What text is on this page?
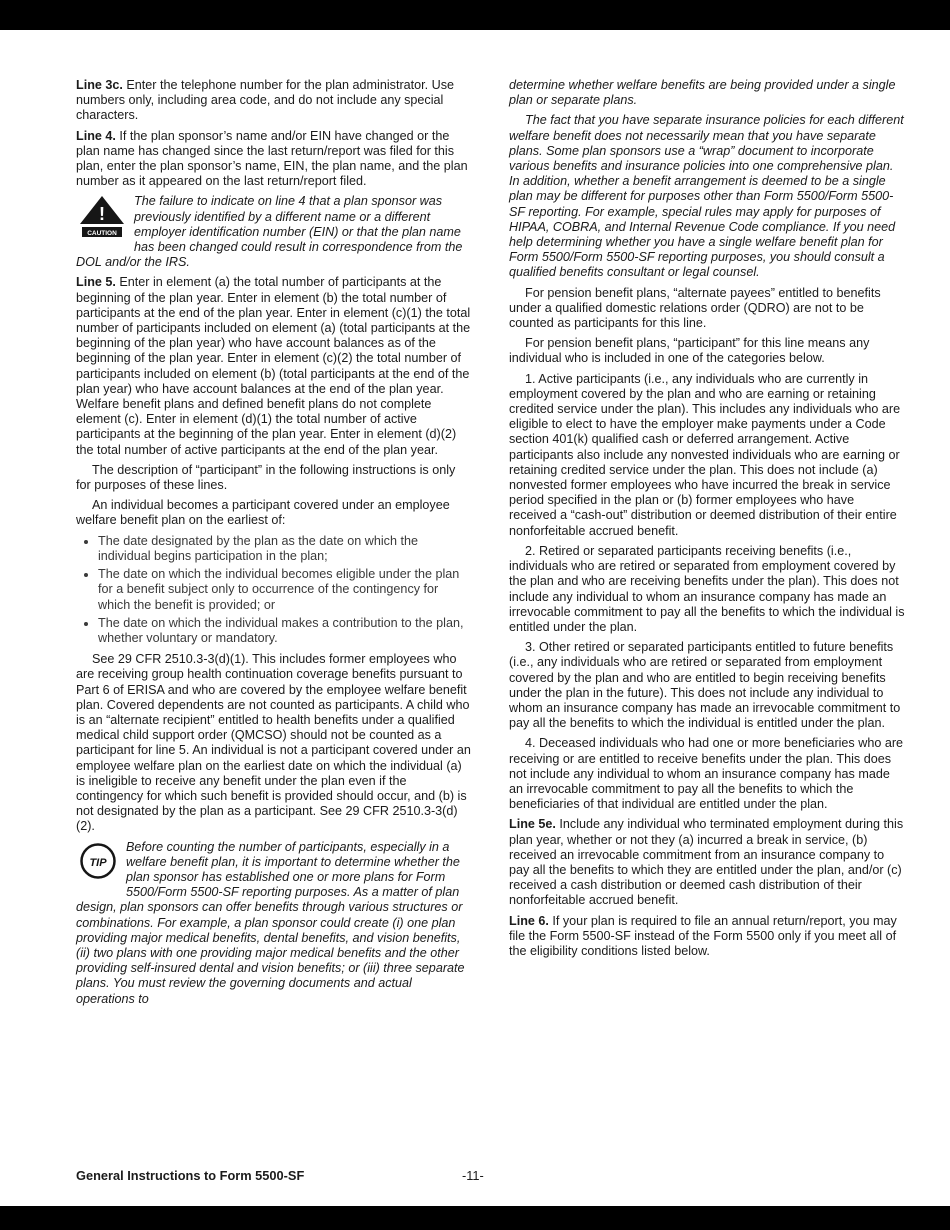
Line 3c. Enter the telephone number for the plan administrator. Use numbers only, including area code, and do not include any special characters.

Line 4. If the plan sponsor’s name and/or EIN have changed or the plan name has changed since the last return/report was filed for this plan, enter the plan sponsor’s name, EIN, the plan name, and the plan number as it appeared on the last return/report filed.

!
CAUTION
The failure to indicate on line 4 that a plan sponsor was previously identified by a different name or a different employer identification number (EIN) or that the plan name has been changed could result in correspondence from the DOL and/or the IRS.

Line 5. Enter in element (a) the total number of participants at the beginning of the plan year. Enter in element (b) the total number of participants at the end of the plan year. Enter in element (c)(1) the total number of participants included on element (a) (total participants at the beginning of the plan year) who have account balances as of the beginning of the plan year. Enter in element (c)(2) the total number of participants included on element (b) (total participants at the end of the plan year) who have account balances at the end of the plan year. Welfare benefit plans and defined benefit plans do not complete element (c). Enter in element (d)(1) the total number of active participants at the beginning of the plan year. Enter in element (d)(2) the total number of active participants at the end of the plan year.

The description of “participant” in the following instructions is only for purposes of these lines.

An individual becomes a participant covered under an employee welfare benefit plan on the earliest of:

• The date designated by the plan as the date on which the individual begins participation in the plan;
• The date on which the individual becomes eligible under the plan for a benefit subject only to occurrence of the contingency for which the benefit is provided; or
• The date on which the individual makes a contribution to the plan, whether voluntary or mandatory.

See 29 CFR 2510.3-3(d)(1). This includes former employees who are receiving group health continuation coverage benefits pursuant to Part 6 of ERISA and who are covered by the employee welfare benefit plan. Covered dependents are not counted as participants. A child who is an “alternate recipient” entitled to health benefits under a qualified medical child support order (QMCSO) should not be counted as a participant for line 5. An individual is not a participant covered under an employee welfare plan on the earliest date on which the individual (a) is ineligible to receive any benefit under the plan even if the contingency for which such benefit is provided should occur, and (b) is not designated by the plan as a participant. See 29 CFR 2510.3-3(d)(2).

TIP
Before counting the number of participants, especially in a welfare benefit plan, it is important to determine whether the plan sponsor has established one or more plans for Form 5500/Form 5500-SF reporting purposes. As a matter of plan design, plan sponsors can offer benefits through various structures or combinations. For example, a plan sponsor could create (i) one plan providing major medical benefits, dental benefits, and vision benefits, (ii) two plans with one providing major medical benefits and the other providing self-insured dental and vision benefits; or (iii) three separate plans. You must review the governing documents and actual operations to

determine whether welfare benefits are being provided under a single plan or separate plans.

The fact that you have separate insurance policies for each different welfare benefit does not necessarily mean that you have separate plans. Some plan sponsors use a “wrap” document to incorporate various benefits and insurance policies into one comprehensive plan. In addition, whether a benefit arrangement is deemed to be a single plan may be different for purposes other than Form 5500/Form 5500-SF reporting. For example, special rules may apply for purposes of HIPAA, COBRA, and Internal Revenue Code compliance. If you need help determining whether you have a single welfare benefit plan for Form 5500/Form 5500-SF reporting purposes, you should consult a qualified benefits consultant or legal counsel.

For pension benefit plans, “alternate payees” entitled to benefits under a qualified domestic relations order (QDRO) are not to be counted as participants for this line.

For pension benefit plans, “participant” for this line means any individual who is included in one of the categories below.

1. Active participants (i.e., any individuals who are currently in employment covered by the plan and who are earning or retaining credited service under the plan). This includes any individuals who are eligible to elect to have the employer make payments under a Code section 401(k) qualified cash or deferred arrangement. Active participants also include any nonvested individuals who are earning or retaining credited service under the plan. This does not include (a) nonvested former employees who have incurred the break in service period specified in the plan or (b) former employees who have received a “cash-out” distribution or deemed distribution of their entire nonforfeitable accrued benefit.

2. Retired or separated participants receiving benefits (i.e., individuals who are retired or separated from employment covered by the plan and who are receiving benefits under the plan). This does not include any individual to whom an insurance company has made an irrevocable commitment to pay all the benefits to which the individual is entitled under the plan.

3. Other retired or separated participants entitled to future benefits (i.e., any individuals who are retired or separated from employment covered by the plan and who are entitled to begin receiving benefits under the plan in the future). This does not include any individual to whom an insurance company has made an irrevocable commitment to pay all the benefits to which the individual is entitled under the plan.

4. Deceased individuals who had one or more beneficiaries who are receiving or are entitled to receive benefits under the plan. This does not include any individual to whom an insurance company has made an irrevocable commitment to pay all the benefits to which the beneficiaries of that individual are entitled under the plan.

Line 5e. Include any individual who terminated employment during this plan year, whether or not they (a) incurred a break in service, (b) received an irrevocable commitment from an insurance company to pay all the benefits to which they are entitled under the plan, and/or (c) received a cash distribution or deemed cash distribution of their nonforfeitable accrued benefit.

Line 6. If your plan is required to file an annual return/report, you may file the Form 5500-SF instead of the Form 5500 only if you meet all of the eligibility conditions listed below.

General Instructions to Form 5500-SF	-11-
